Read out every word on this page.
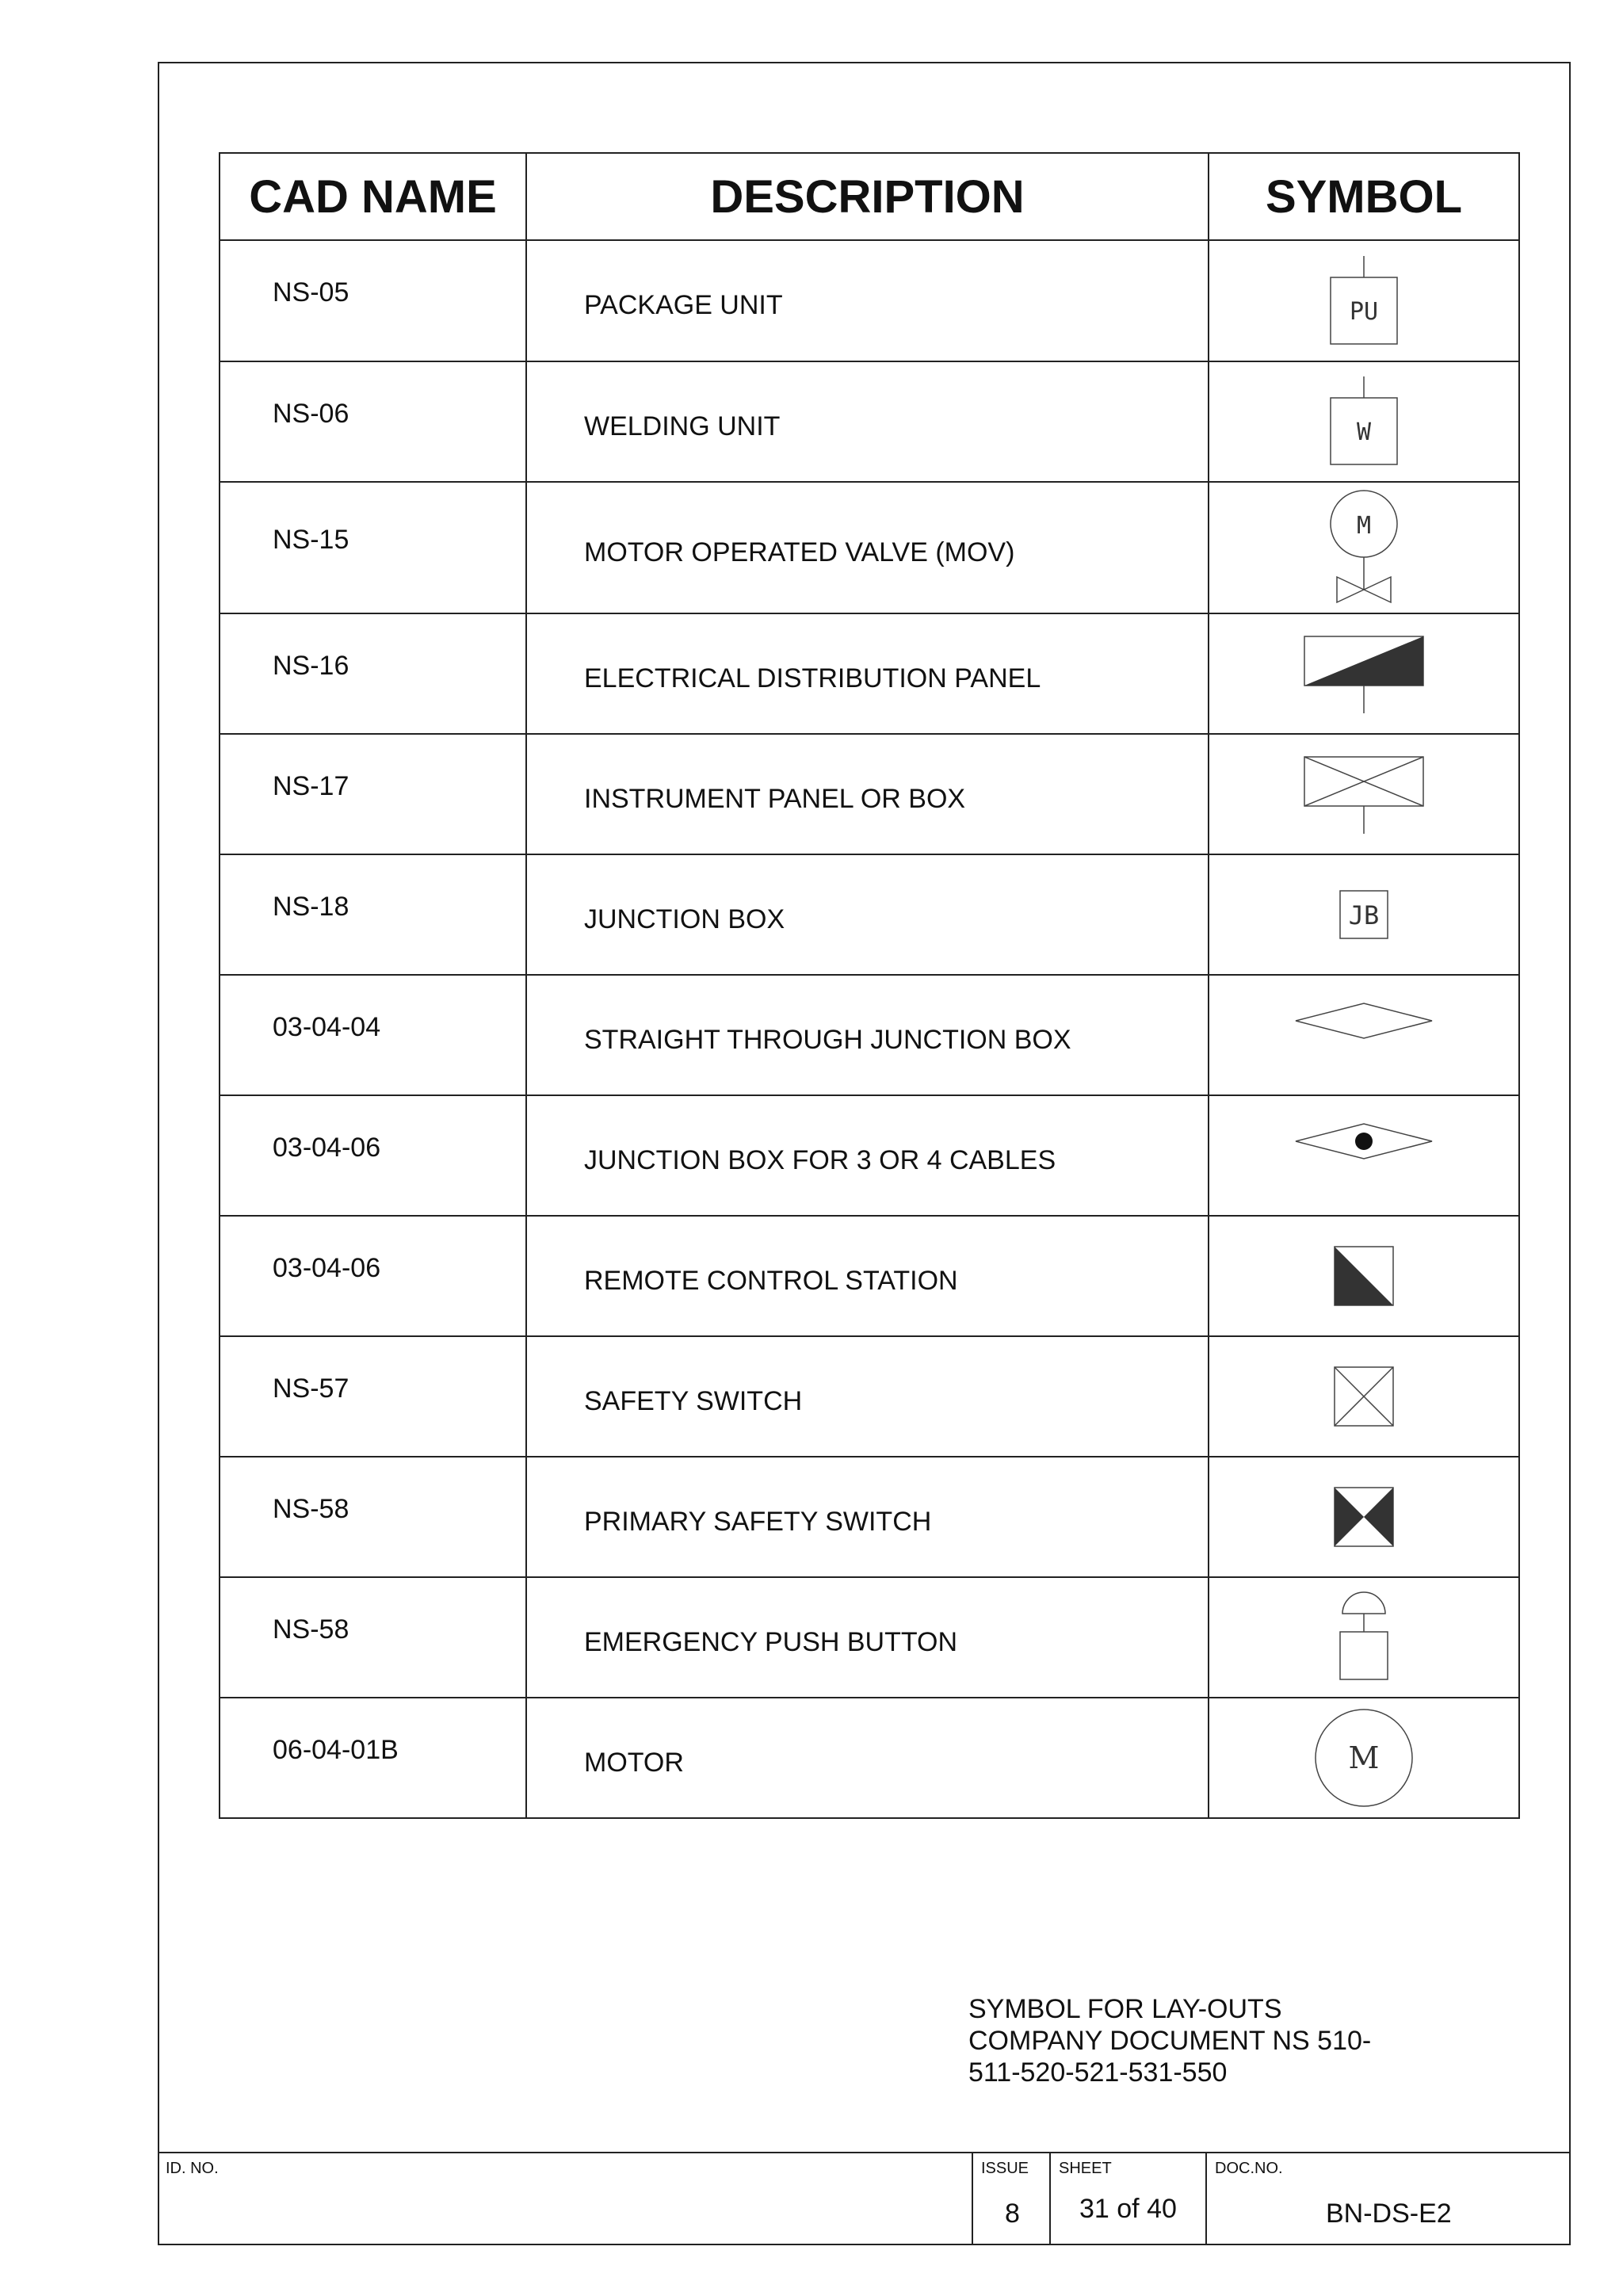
CAD NAME	DESCRIPTION	SYMBOL
NS-05	PACKAGE UNIT	PU

NS-06	WELDING UNIT	W

NS-15	MOTOR OPERATED VALVE (MOV)	M

NS-16	ELECTRICAL DISTRIBUTION PANEL	

NS-17	INSTRUMENT PANEL OR BOX	

NS-18	JUNCTION BOX	JB

03-04-04	STRAIGHT THROUGH JUNCTION BOX	

03-04-06	JUNCTION BOX FOR 3 OR 4 CABLES	

03-04-06	REMOTE CONTROL STATION	

NS-57	SAFETY SWITCH	

NS-58	PRIMARY SAFETY SWITCH	

NS-58	EMERGENCY PUSH BUTTON	

06-04-01B	MOTOR	M
SYMBOL FOR LAY-OUTS
COMPANY DOCUMENT NS 510-
511-520-521-531-550
ID. NO.	ISSUE
8
SHEET
31 of 40
DOC.NO.
BN-DS-E2
